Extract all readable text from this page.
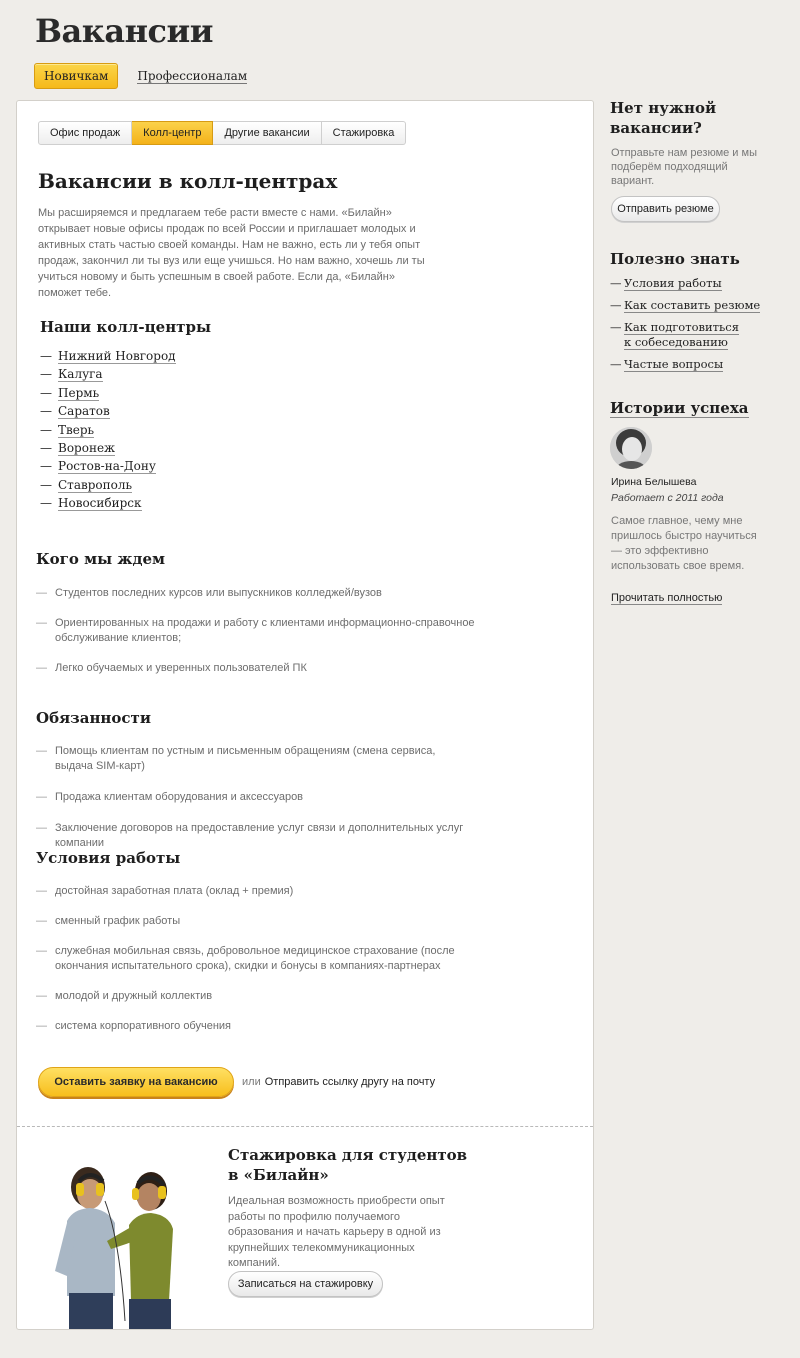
Вакансии
Новичкам	Профессионалам
Офис продаж	Колл-центр	Другие вакансии	Стажировка
Вакансии в колл-центрах
Мы расширяемся и предлагаем тебе расти вместе с нами. «Билайн» открывает новые офисы продаж по всей России и приглашает молодых и активных стать частью своей команды. Нам не важно, есть ли у тебя опыт продаж, закончил ли ты вуз или еще учишься. Но нам важно, хочешь ли ты учиться новому и быть успешным в своей работе. Если да, «Билайн» поможет тебе.
Наши колл-центры
— Нижний Новгород
— Калуга
— Пермь
— Саратов
— Тверь
— Воронеж
— Ростов-на-Дону
— Ставрополь
— Новосибирск
Кого мы ждем
— Студентов последних курсов или выпускников колледжей/вузов
— Ориентированных на продажи и работу с клиентами информационно-справочное обслуживание клиентов;
— Легко обучаемых и уверенных пользователей ПК
Обязанности
— Помощь клиентам по устным и письменным обращениям (смена сервиса, выдача SIM-карт)
— Продажа клиентам оборудования и аксессуаров
— Заключение договоров на предоставление услуг связи и дополнительных услуг компании
Условия работы
— достойная заработная плата (оклад + премия)
— сменный график работы
— служебная мобильная связь, добровольное медицинское страхование (после окончания испытательного срока), скидки и бонусы в компаниях-партнерах
— молодой и дружный коллектив
— система корпоративного обучения
Оставить заявку на вакансию	или Отправить ссылку другу на почту
Стажировка для студентов
в «Билайн»
Идеальная возможность приобрести опыт работы по профилю получаемого образования и начать карьеру в одной из крупнейших телекоммуникационных компаний.
Записаться на стажировку
Нет нужной
вакансии?
Отправьте нам резюме и мы подберём подходящий вариант.
Отправить резюме
Полезно знать
— Условия работы
— Как составить резюме
— Как подготовиться
к собеседованию
— Частые вопросы
Истории успеха
Ирина Белышева
Работает с 2011 года
Самое главное, чему мне пришлось быстро научиться — это эффективно использовать свое время.
Прочитать полностью
